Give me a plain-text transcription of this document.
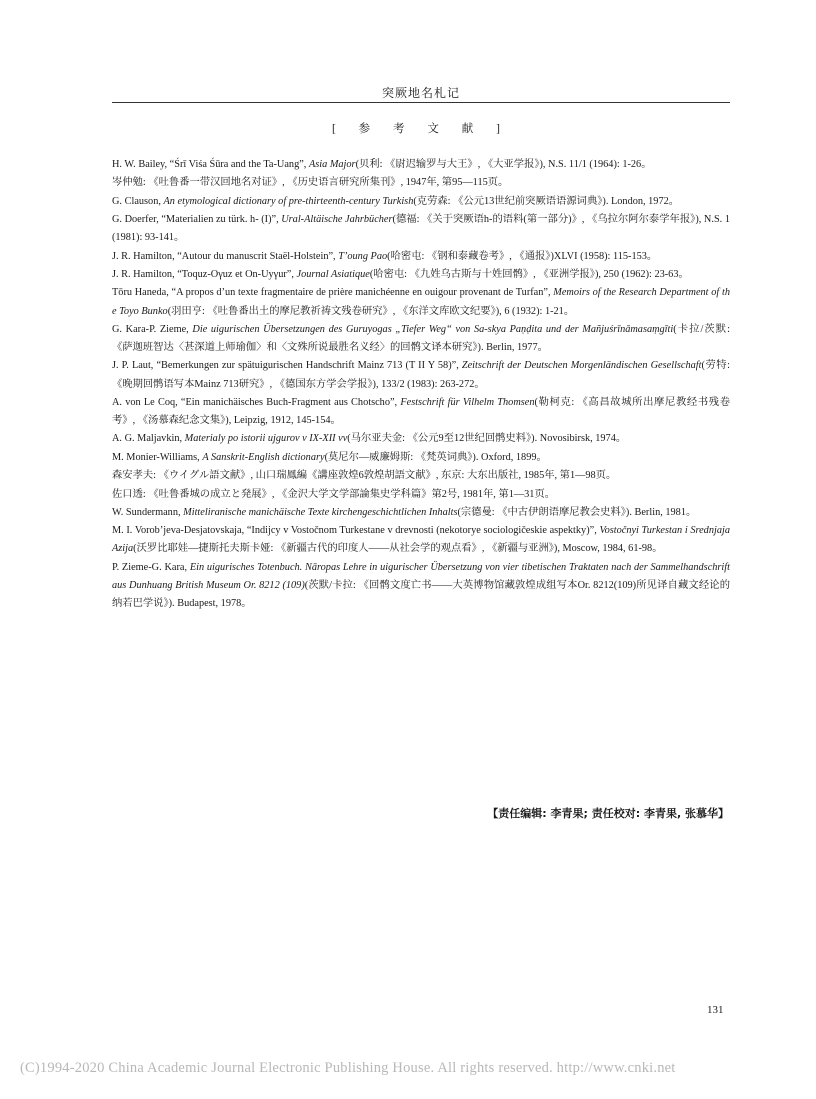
突厥地名札记
[ 参 考 文 献 ]

H. W. Bailey, “Śrī Viśa Śūra and the Ta-Uang”, Asia Major(贝利: 《尉迟输罗与大王》, 《大亚学报》), N.S. 11/1 (1964): 1-26。

岑仲勉: 《吐鲁番一带汉回地名对证》, 《历史语言研究所集刊》, 1947年, 第95—115页。

G. Clauson, An etymological dictionary of pre-thirteenth-century Turkish(克劳森: 《公元13世纪前突厥语语源词典》). London, 1972。

G. Doerfer, “Materialien zu türk. h- (I)”, Ural-Altäische Jahrbücher(德福: 《关于突厥语h-的语料(第一部分)》, 《乌拉尔阿尔泰学年报》), N.S. 1 (1981): 93-141。

J. R. Hamilton, “Autour du manuscrit Staël-Holstein”, T’oung Pao(哈密屯: 《钢和泰藏卷考》, 《通报》)XLVI (1958): 115-153。

J. R. Hamilton, “Toquz-Oγuz et On-Uyγur”, Journal Asiatique(哈密屯: 《九姓乌古斯与十姓回鹘》, 《亚洲学报》), 250 (1962): 23-63。

Tōru Haneda, “A propos d’un texte fragmentaire de prière manichéenne en ouigour provenant de Turfan”, Memoirs of the Research Department of the Toyo Bunko(羽田亨: 《吐鲁番出土的摩尼教祈祷文残卷研究》, 《东洋文库欧文纪要》), 6 (1932): 1-21。

G. Kara-P. Zieme, Die uigurischen Übersetzungen des Guruyogas „Tiefer Weg“ von Sa-skya Paṇḍita und der Mañjuśrīnāmasaṃgīti(卡拉/茨默: 《萨迦班智达〈甚深道上师瑜伽〉和〈文殊所说最胜名义经〉的回鹘文译本研究》). Berlin, 1977。

J. P. Laut, “Bemerkungen zur spätuigurischen Handschrift Mainz 713 (T II Y 58)”, Zeitschrift der Deutschen Morgenländischen Gesellschaft(劳特: 《晚期回鹘语写本Mainz 713研究》, 《德国东方学会学报》), 133/2 (1983): 263-272。

A. von Le Coq, “Ein manichäisches Buch-Fragment aus Chotscho”, Festschrift für Vilhelm Thomsen(勒柯克: 《高昌故城所出摩尼教经书残卷考》, 《汤慕森纪念文集》), Leipzig, 1912, 145-154。

A. G. Maljavkin, Materialy po istorii ujgurov v IX-XII vv(马尔亚夫金: 《公元9至12世纪回鹘史料》). Novosibirsk, 1974。

M. Monier-Williams, A Sanskrit-English dictionary(莫尼尔—威廉姆斯: 《梵英词典》). Oxford, 1899。

森安孝夫: 《ウイグル語文献》, 山口瑞鳳編《講座敦煌6敦煌胡語文献》, 东京: 大东出版社, 1985年, 第1—98页。

佐口透: 《吐鲁番城の成立と発展》, 《金沢大学文学部論集史学科篇》第2号, 1981年, 第1—31页。

W. Sundermann, Mitteliranische manichäische Texte kirchengeschichtlichen Inhalts(宗德曼: 《中古伊朗语摩尼教会史料》). Berlin, 1981。

M. I. Vorob’jeva-Desjatovskaja, “Indijcy v Vostočnom Turkestane v drevnosti (nekotorye sociologičeskie aspektky)”, Vostočnyi Turkestan i Srednjaja Azija(沃罗比耶娃—捷斯托夫斯卡娅: 《新疆古代的印度人——从社会学的观点看》, 《新疆与亚洲》), Moscow, 1984, 61-98。

P. Zieme-G. Kara, Ein uigurisches Totenbuch. Nāropas Lehre in uigurischer Übersetzung von vier tibetischen Traktaten nach der Sammelhandschrift aus Dunhuang British Museum Or. 8212 (109)(茨默/卡拉: 《回鹘文度亡书——大英博物馆藏敦煌成组写本Or. 8212(109)所见译自藏文经论的纳若巴学说》). Budapest, 1978。

【责任编辑: 李青果; 责任校对: 李青果, 张慕华】
131
(C)1994-2020 China Academic Journal Electronic Publishing House. All rights reserved. http://www.cnki.net
